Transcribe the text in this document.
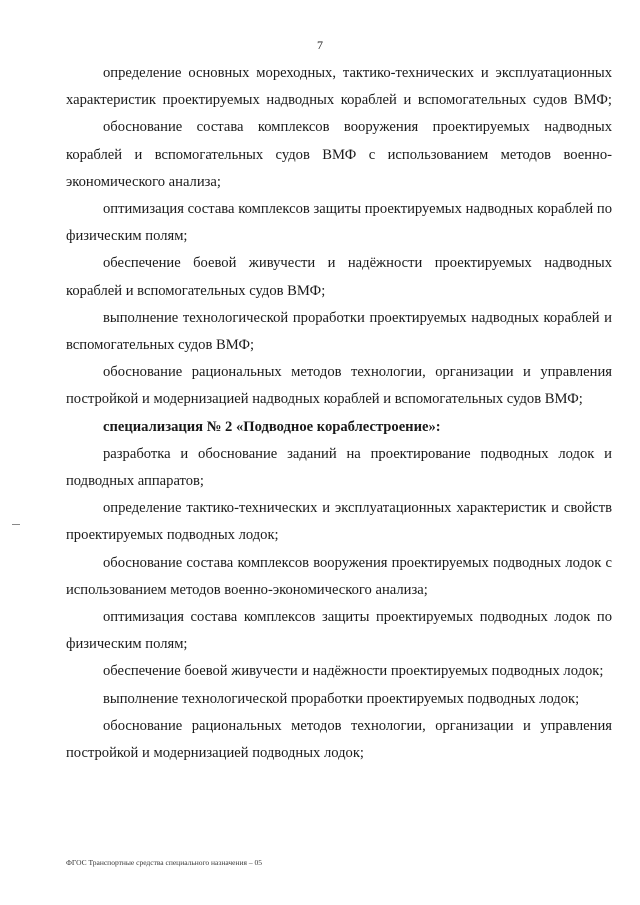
7

определение основных мореходных, тактико-технических и эксплуатационных характеристик проектируемых надводных кораблей и вспомогательных судов ВМФ;

обоснование состава комплексов вооружения проектируемых надводных кораблей и вспомогательных судов ВМФ с использованием методов военно-экономического анализа;

оптимизация состава комплексов защиты проектируемых надводных кораблей по физическим полям;

обеспечение боевой живучести и надёжности проектируемых надводных кораблей и вспомогательных судов ВМФ;

выполнение технологической проработки проектируемых надводных кораблей и вспомогательных судов ВМФ;

обоснование рациональных методов технологии, организации и управления постройкой и модернизацией надводных кораблей и вспомогательных судов ВМФ;

специализация № 2 «Подводное кораблестроение»:

разработка и обоснование заданий на проектирование подводных лодок и подводных аппаратов;

определение тактико-технических и эксплуатационных характеристик и свойств проектируемых подводных лодок;

обоснование состава комплексов вооружения проектируемых подводных лодок с использованием методов военно-экономического анализа;

оптимизация состава комплексов защиты проектируемых подводных лодок по физическим полям;

обеспечение боевой живучести и надёжности проектируемых подводных лодок;

выполнение технологической проработки проектируемых подводных лодок;

обоснование рациональных методов технологии, организации и управления постройкой и модернизацией подводных лодок;

ФГОС Транспортные средства специального назначения – 05
